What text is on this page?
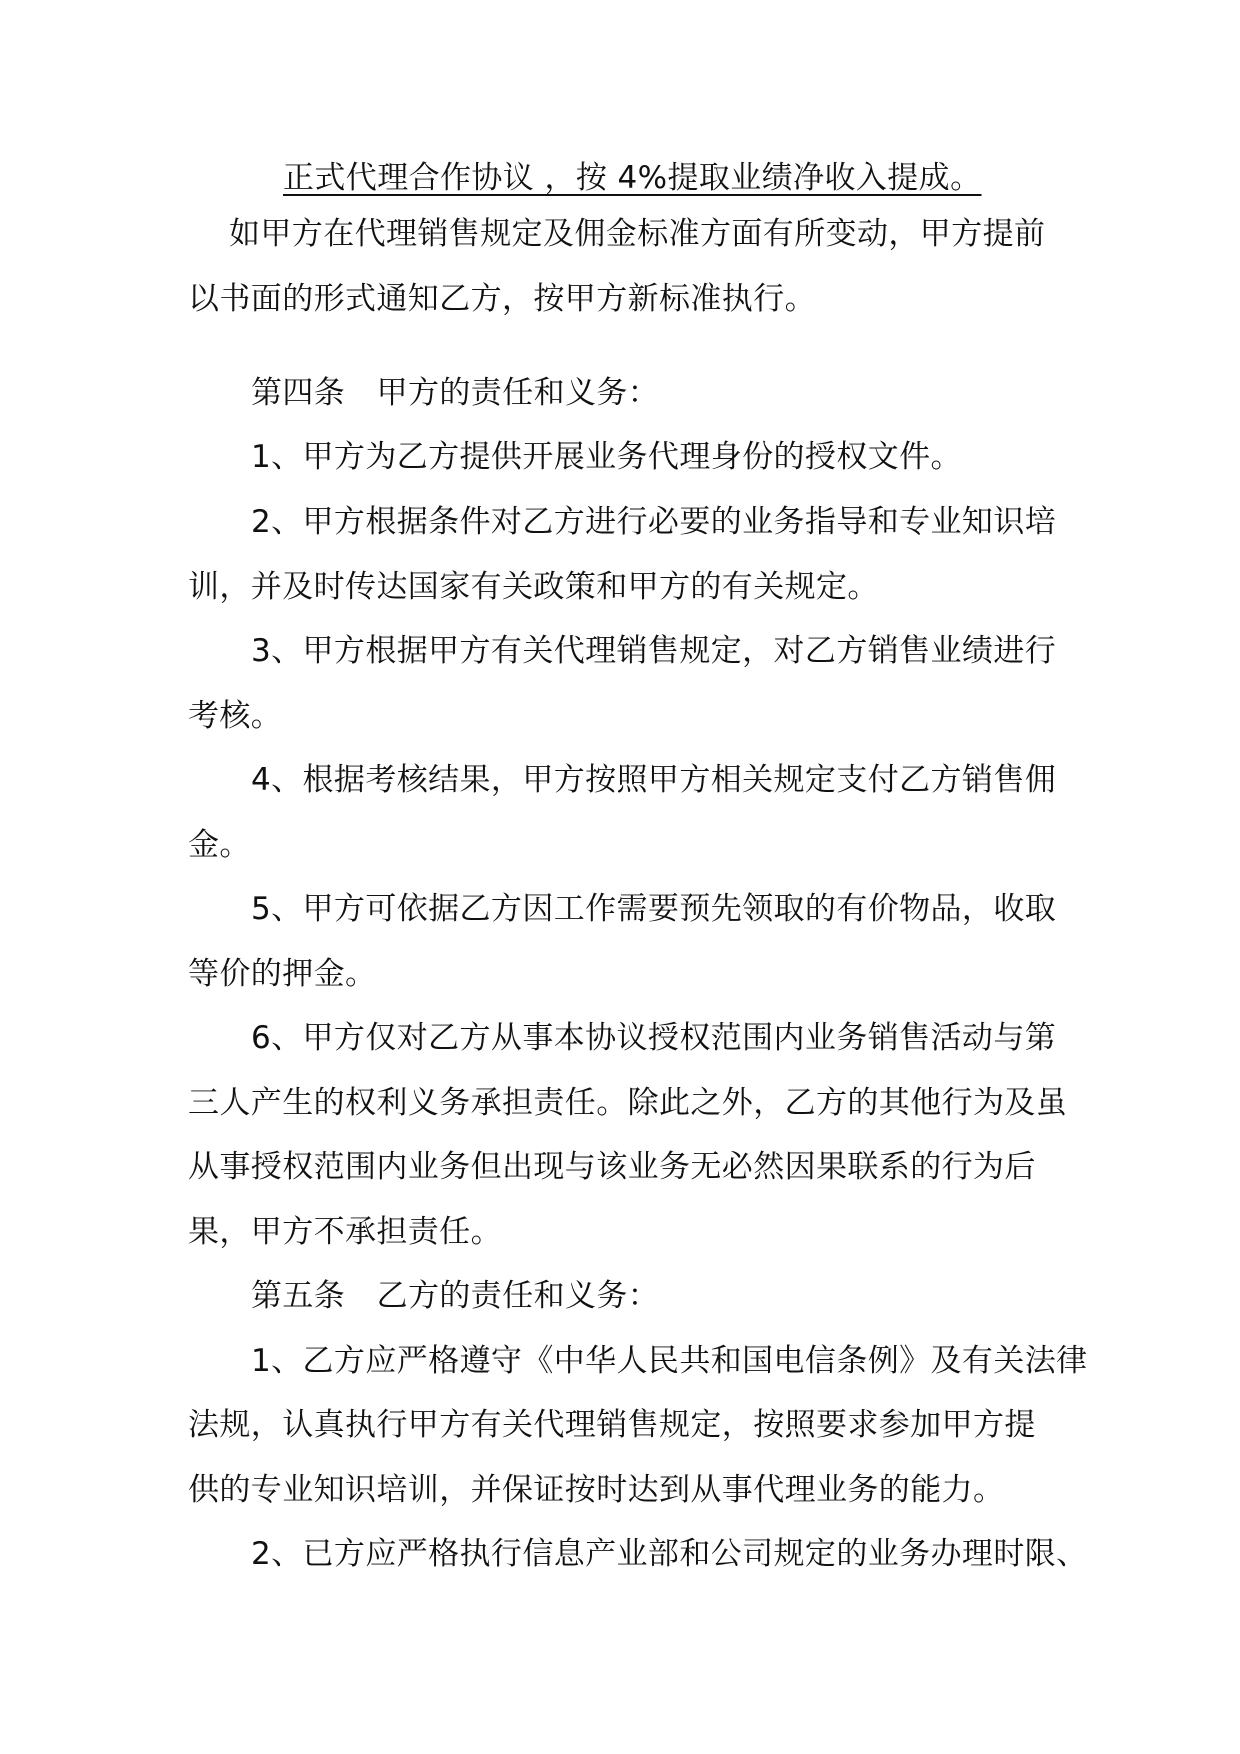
正式代理合作协议 ，按 4%提取业绩净收入提成。
如甲方在代理销售规定及佣金标准方面有所变动，甲方提前
以书面的形式通知乙方，按甲方新标准执行。
第四条　甲方的责任和义务：
1、甲方为乙方提供开展业务代理身份的授权文件。
2、甲方根据条件对乙方进行必要的业务指导和专业知识培
训，并及时传达国家有关政策和甲方的有关规定。
3、甲方根据甲方有关代理销售规定，对乙方销售业绩进行
考核。
4、根据考核结果，甲方按照甲方相关规定支付乙方销售佣
金。
5、甲方可依据乙方因工作需要预先领取的有价物品，收取
等价的押金。
6、甲方仅对乙方从事本协议授权范围内业务销售活动与第
三人产生的权利义务承担责任。除此之外，乙方的其他行为及虽
从事授权范围内业务但出现与该业务无必然因果联系的行为后
果，甲方不承担责任。
第五条　乙方的责任和义务：
1、乙方应严格遵守《中华人民共和国电信条例》及有关法律
法规，认真执行甲方有关代理销售规定，按照要求参加甲方提
供的专业知识培训，并保证按时达到从事代理业务的能力。
2、已方应严格执行信息产业部和公司规定的业务办理时限、
